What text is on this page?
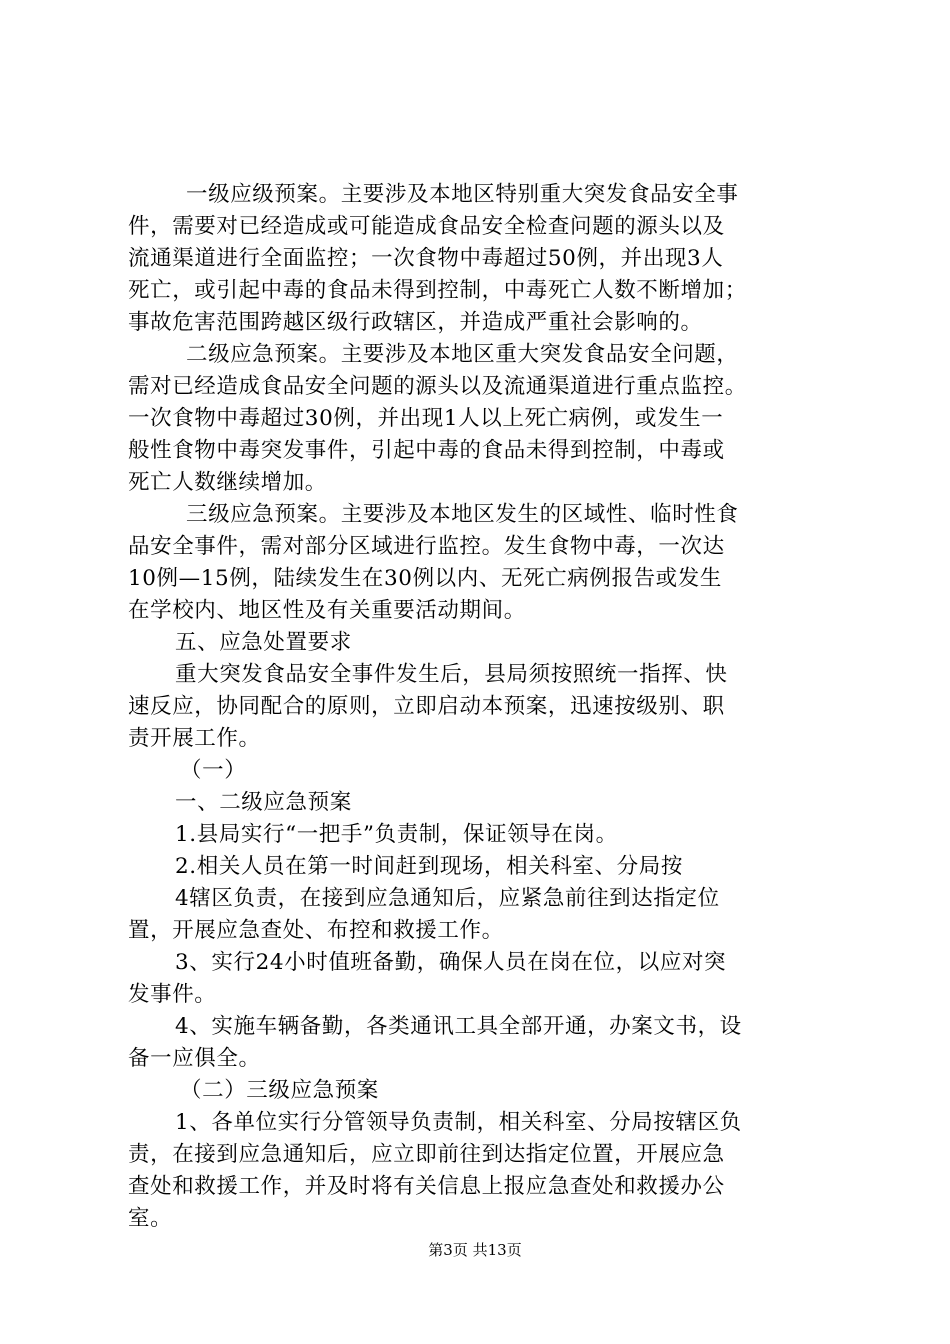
一级应级预案。主要涉及本地区特别重大突发食品安全事
件，需要对已经造成或可能造成食品安全检查问题的源头以及
流通渠道进行全面监控；一次食物中毒超过50例，并出现3人
死亡，或引起中毒的食品未得到控制，中毒死亡人数不断增加；
事故危害范围跨越区级行政辖区，并造成严重社会影响的。
二级应急预案。主要涉及本地区重大突发食品安全问题，
需对已经造成食品安全问题的源头以及流通渠道进行重点监控。
一次食物中毒超过30例，并出现1人以上死亡病例，或发生一
般性食物中毒突发事件，引起中毒的食品未得到控制，中毒或
死亡人数继续增加。
三级应急预案。主要涉及本地区发生的区域性、临时性食
品安全事件，需对部分区域进行监控。发生食物中毒，一次达
10例—15例，陆续发生在30例以内、无死亡病例报告或发生
在学校内、地区性及有关重要活动期间。
五、应急处置要求
重大突发食品安全事件发生后，县局须按照统一指挥、快
速反应，协同配合的原则，立即启动本预案，迅速按级别、职
责开展工作。
（一）
一、二级应急预案
1.县局实行“一把手”负责制，保证领导在岗。
2.相关人员在第一时间赶到现场，相关科室、分局按
4辖区负责，在接到应急通知后，应紧急前往到达指定位
置，开展应急查处、布控和救援工作。
3、实行24小时值班备勤，确保人员在岗在位，以应对突
发事件。
4、实施车辆备勤，各类通讯工具全部开通，办案文书，设
备一应俱全。
（二）三级应急预案
1、各单位实行分管领导负责制，相关科室、分局按辖区负
责，在接到应急通知后，应立即前往到达指定位置，开展应急
查处和救援工作，并及时将有关信息上报应急查处和救援办公
室。
第3页 共13页
